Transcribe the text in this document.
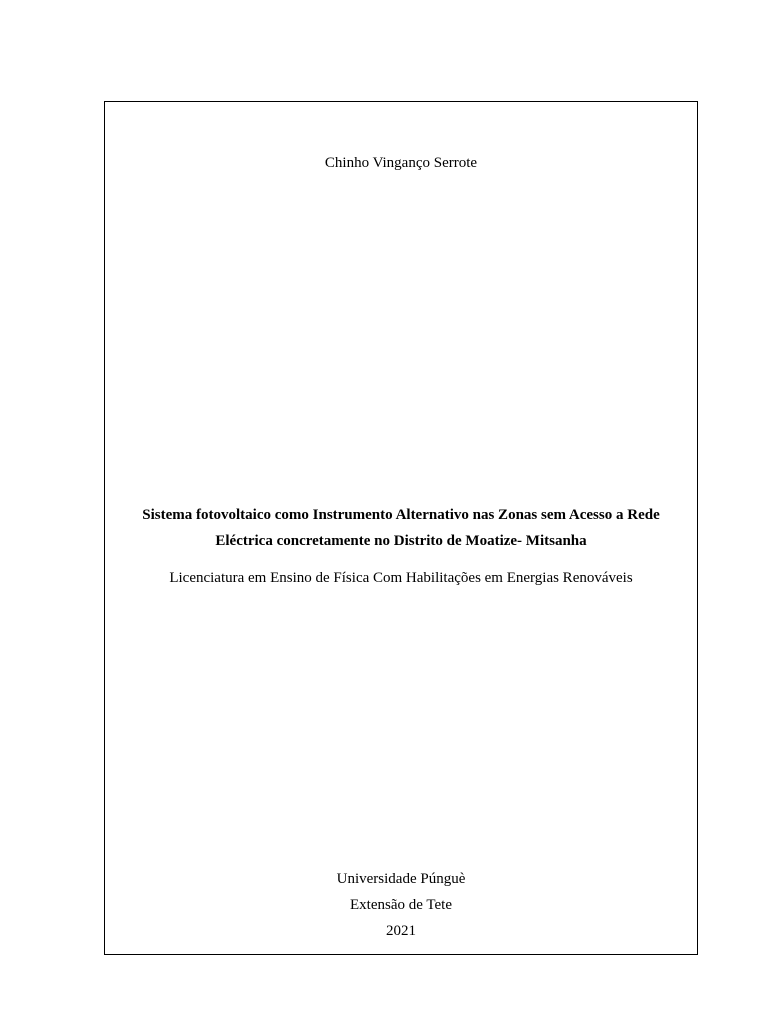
Chinho Vinganço Serrote
Sistema fotovoltaico como Instrumento Alternativo nas Zonas sem Acesso a Rede
Eléctrica concretamente no Distrito de Moatize- Mitsanha
Licenciatura em Ensino de Física Com Habilitações em Energias Renováveis
Universidade Púnguè
Extensão de Tete
2021
